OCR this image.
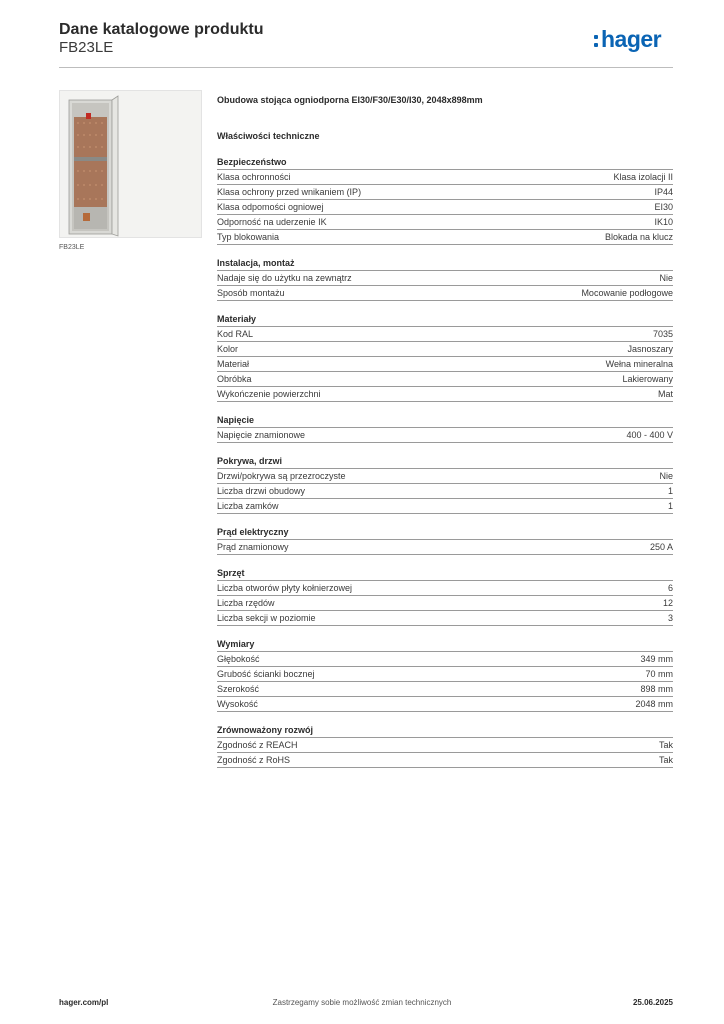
Dane katalogowe produktu
FB23LE	hager
FB23LE
Obudowa stojąca ogniodporna EI30/F30/E30/I30, 2048x898mm
Właściwości techniczne
Bezpieczeństwo
Klasa ochronności	Klasa izolacji II
Klasa ochrony przed wnikaniem (IP)	IP44
Klasa odpomości ogniowej	EI30
Odporność na uderzenie IK	IK10
Typ blokowania	Blokada na klucz
Instalacja, montaż
Nadaje się do użytku na zewnątrz	Nie
Sposób montażu	Mocowanie podłogowe
Materiały
Kod RAL	7035
Kolor	Jasnoszary
Materiał	Wełna mineralna
Obróbka	Lakierowany
Wykończenie powierzchni	Mat
Napięcie
Napięcie znamionowe	400 - 400 V
Pokrywa, drzwi
Drzwi/pokrywa są przezroczyste	Nie
Liczba drzwi obudowy	1
Liczba zamków	1
Prąd elektryczny
Prąd znamionowy	250 A
Sprzęt
Liczba otworów płyty kołnierzowej	6
Liczba rzędów	12
Liczba sekcji w poziomie	3
Wymiary
Głębokość	349 mm
Grubość ścianki bocznej	70 mm
Szerokość	898 mm
Wysokość	2048 mm
Zrównoważony rozwój
Zgodność z REACH	Tak
Zgodność z RoHS	Tak
hager.com/pl	Zastrzegamy sobie możliwość zmian technicznych	25.06.2025
